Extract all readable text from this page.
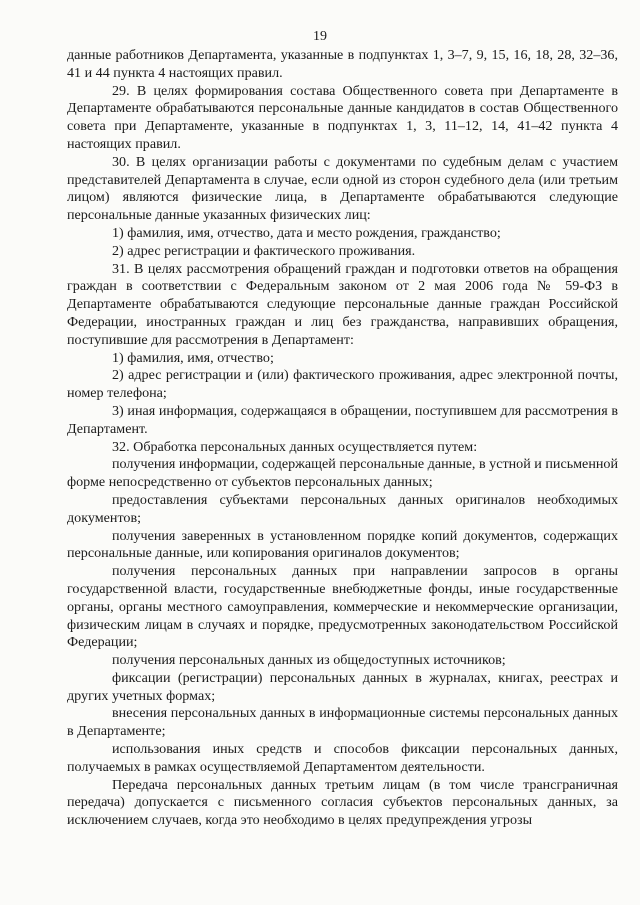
19

данные работников Департамента, указанные в подпунктах 1, 3–7, 9, 15, 16, 18, 28, 32–36, 41 и 44 пункта 4 настоящих правил.

29. В целях формирования состава Общественного совета при Департаменте в Департаменте обрабатываются персональные данные кандидатов в состав Общественного совета при Департаменте, указанные в подпунктах 1, 3, 11–12, 14, 41–42 пункта 4 настоящих правил.

30. В целях организации работы с документами по судебным делам с участием представителей Департамента в случае, если одной из сторон судебного дела (или третьим лицом) являются физические лица, в Департаменте обрабатываются следующие персональные данные указанных физических лиц:

1) фамилия, имя, отчество, дата и место рождения, гражданство;

2) адрес регистрации и фактического проживания.

31. В целях рассмотрения обращений граждан и подготовки ответов на обращения граждан в соответствии с Федеральным законом от 2 мая 2006 года № 59-ФЗ в Департаменте обрабатываются следующие персональные данные граждан Российской Федерации, иностранных граждан и лиц без гражданства, направивших обращения, поступившие для рассмотрения в Департамент:

1) фамилия, имя, отчество;

2) адрес регистрации и (или) фактического проживания, адрес электронной почты, номер телефона;

3) иная информация, содержащаяся в обращении, поступившем для рассмотрения в Департамент.

32. Обработка персональных данных осуществляется путем:

получения информации, содержащей персональные данные, в устной и письменной форме непосредственно от субъектов персональных данных;

предоставления субъектами персональных данных оригиналов необходимых документов;

получения заверенных в установленном порядке копий документов, содержащих персональные данные, или копирования оригиналов документов;

получения персональных данных при направлении запросов в органы государственной власти, государственные внебюджетные фонды, иные государственные органы, органы местного самоуправления, коммерческие и некоммерческие организации, физическим лицам в случаях и порядке, предусмотренных законодательством Российской Федерации;

получения персональных данных из общедоступных источников;

фиксации (регистрации) персональных данных в журналах, книгах, реестрах и других учетных формах;

внесения персональных данных в информационные системы персональных данных в Департаменте;

использования иных средств и способов фиксации персональных данных, получаемых в рамках осуществляемой Департаментом деятельности.

Передача персональных данных третьим лицам (в том числе трансграничная передача) допускается с письменного согласия субъектов персональных данных, за исключением случаев, когда это необходимо в целях предупреждения угрозы
